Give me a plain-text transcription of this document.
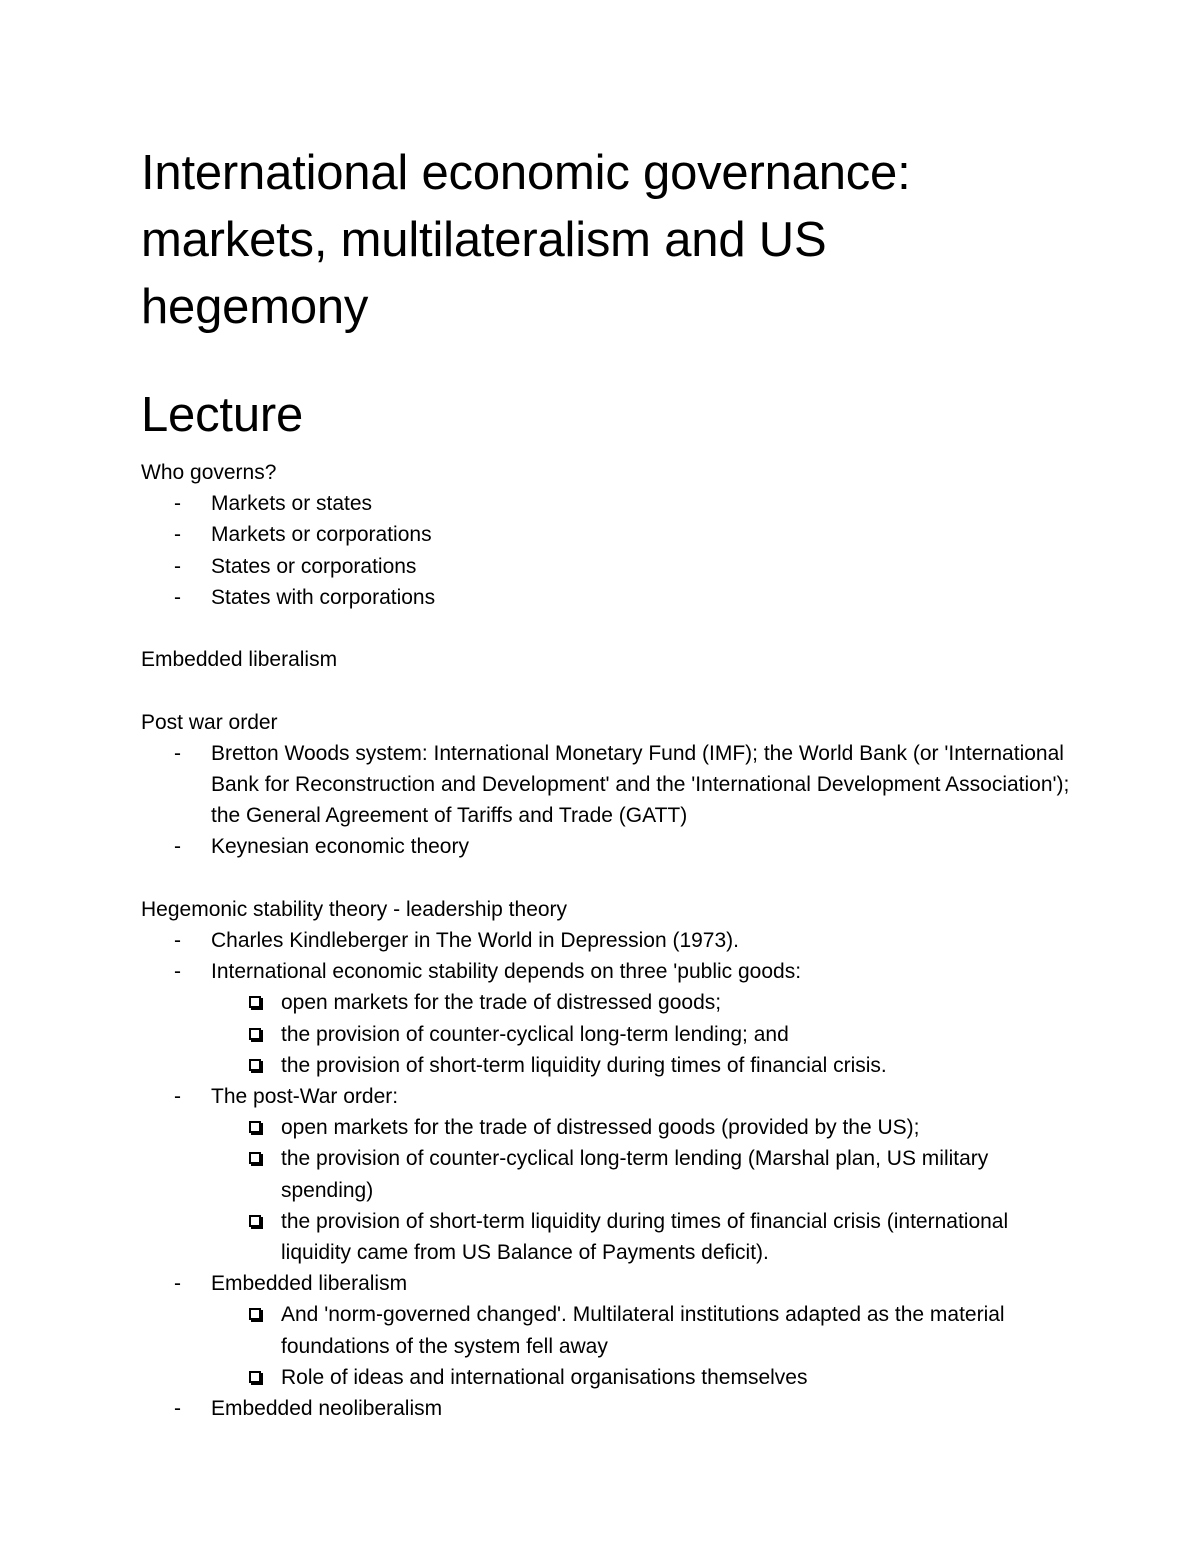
International economic governance:
markets, multilateralism and US
hegemony
Lecture

Who governs?

- Markets or states
- Markets or corporations
- States or corporations
- States with corporations

Embedded liberalism

Post war order

- Bretton Woods system: International Monetary Fund (IMF); the World Bank (or 'International Bank for Reconstruction and Development' and the 'International Development Association'); the General Agreement of Tariffs and Trade (GATT)
- Keynesian economic theory

Hegemonic stability theory - leadership theory

- Charles Kindleberger in The World in Depression (1973).
- International economic stability depends on three 'public goods:
open markets for the trade of distressed goods;
the provision of counter-cyclical long-term lending; and
the provision of short-term liquidity during times of financial crisis.
- The post-War order:
open markets for the trade of distressed goods (provided by the US);
the provision of counter-cyclical long-term lending (Marshal plan, US military spending)
the provision of short-term liquidity during times of financial crisis (international liquidity came from US Balance of Payments deficit).
- Embedded liberalism
And 'norm-governed changed'. Multilateral institutions adapted as the material foundations of the system fell away
Role of ideas and international organisations themselves
- Embedded neoliberalism
